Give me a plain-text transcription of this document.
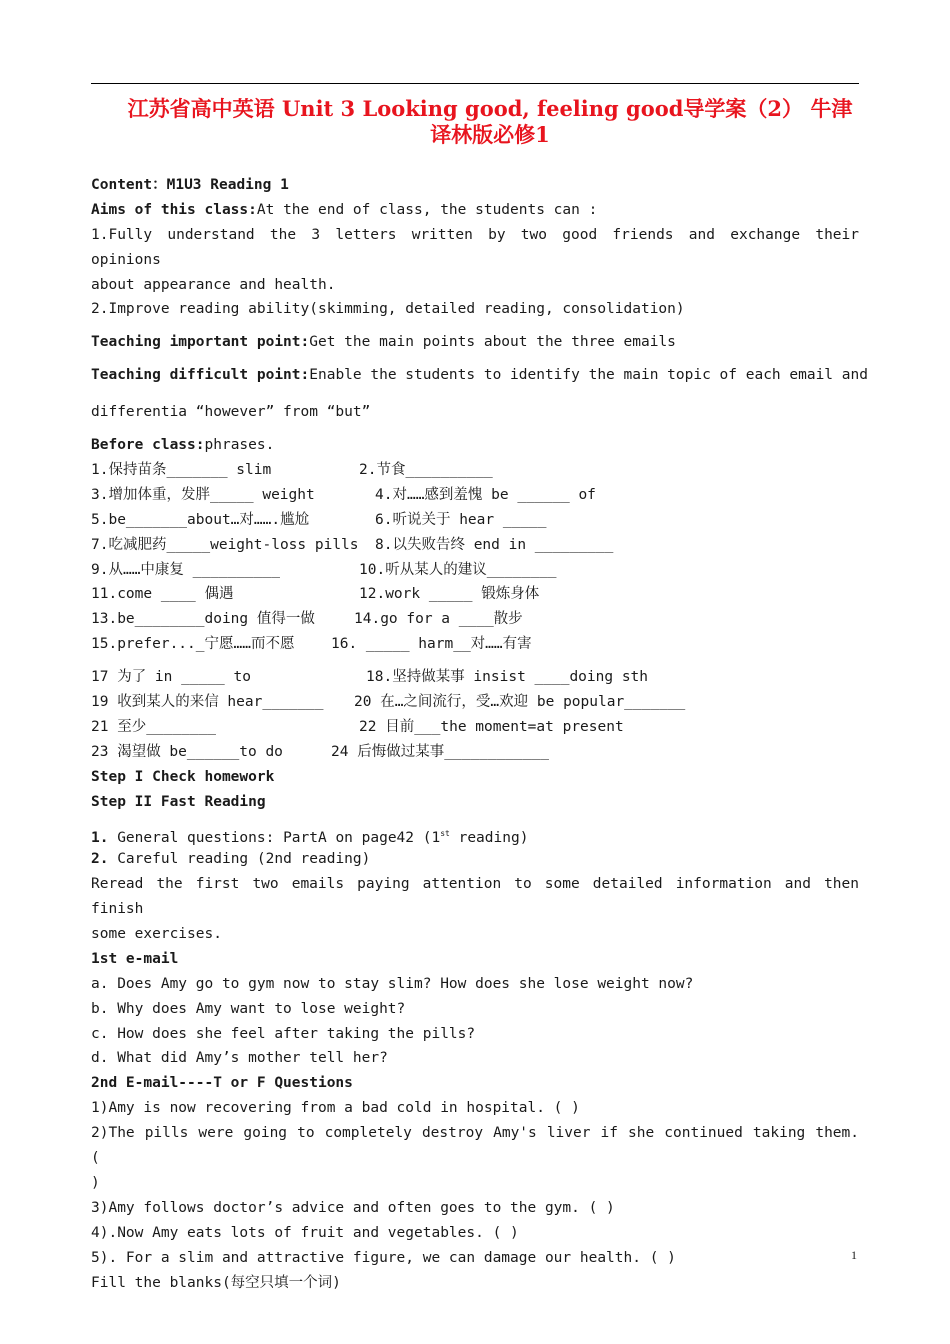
江苏省高中英语 Unit 3 Looking good, feeling good导学案（2） 牛津译林版必修1
Content：M1U3 Reading 1
Aims of this class:At the end of class, the students can :
1.Fully understand the 3 letters written by two good friends and exchange their opinions
about appearance and health.
2.Improve reading ability(skimming, detailed reading, consolidation)
Teaching important point:Get the main points about the three emails
Teaching difficult point:Enable the students to identify the main topic of each email and
differentia “however” from “but”
Before class:phrases.
1.保持苗条_______ slim	2.节食__________
3.增加体重，发胖_____ weight	4.对……感到羞愧 be ______ of
5.be_______about…对…….尴尬	6.听说关于 hear _____
7.吃减肥药_____weight-loss pills 8.以失败告终 end in _________
9.从……中康复 __________	10.听从某人的建议________
11.come ____ 偶遇	12.work _____ 锻炼身体
13.be________doing 值得一做	14.go for a ____散步
15.prefer..._宁愿……而不愿	16. _____ harm__对……有害
17 为了 in _____ to	18.坚持做某事 insist ____doing sth
19 收到某人的来信 hear_______ 20 在…之间流行，受…欢迎 be popular_______
21 至少________	22 目前___the moment=at present
23 渴望做 be______to do	24 后悔做过某事____________
Step I Check homework
Step II Fast Reading
1. General questions: PartA on page42 (1st reading)
2. Careful reading (2nd reading)
Reread the first two emails paying attention to some detailed information and then finish
some exercises.
1st e-mail
a. Does Amy go to gym now to stay slim? How does she lose weight now?
b. Why does Amy want to lose weight?
c. How does she feel after taking the pills?
d. What did Amy’s mother tell her?
2nd E-mail----T or F Questions
1)Amy is now recovering from a bad cold in hospital. ( )
2)The pills were going to completely destroy Amy's liver if she continued taking them. (
)
3)Amy follows doctor’s advice and often goes to the gym. ( )
4).Now Amy eats lots of fruit and vegetables. ( )
5). For a slim and attractive figure, we can damage our health. ( )
Fill the blanks(每空只填一个词)
1
